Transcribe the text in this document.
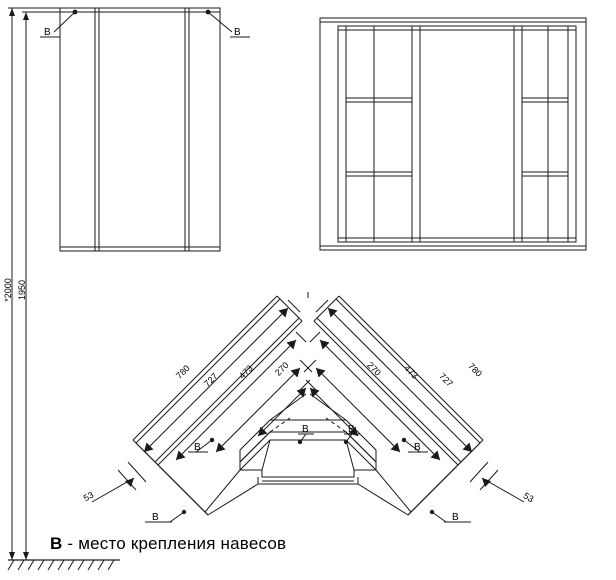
B	B
*2000 1950
780 727 473 270
53
270 473 727
780
53
B
B	B
B
B	B
B - место крепления навесов
